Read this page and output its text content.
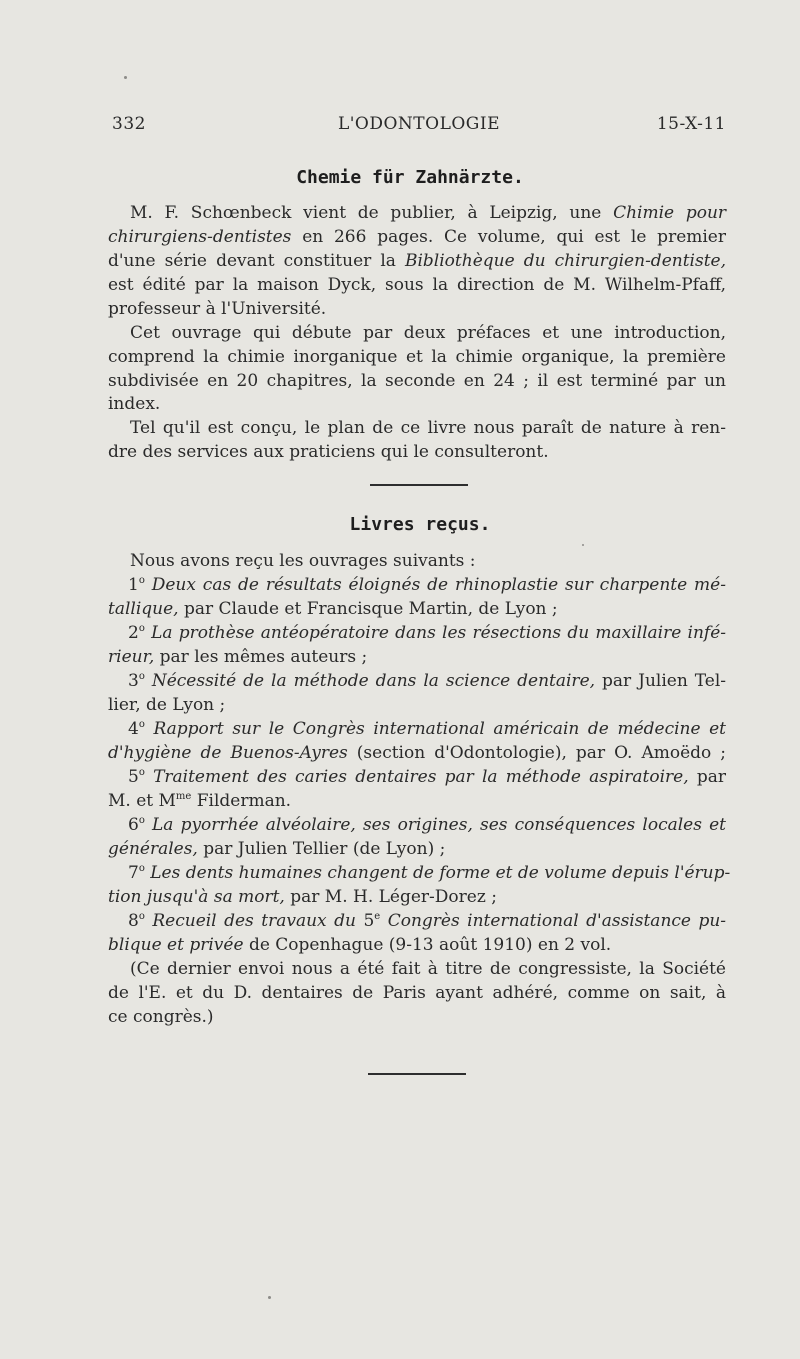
332	L'ODONTOLOGIE	15-X-11
Chemie für Zahnärzte.
M. F. Schœnbeck vient de publier, à Leipzig, une Chimie pour
chirurgiens-dentistes en 266 pages. Ce volume, qui est le premier
d'une série devant constituer la Bibliothèque du chirurgien-dentiste,
est édité par la maison Dyck, sous la direction de M. Wilhelm-Pfaff,
professeur à l'Université.
Cet ouvrage qui débute par deux préfaces et une introduction,
comprend la chimie inorganique et la chimie organique, la première
subdivisée en 20 chapitres, la seconde en 24 ; il est terminé par un
index.
Tel qu'il est conçu, le plan de ce livre nous paraît de nature à ren-
dre des services aux praticiens qui le consulteront.
Livres reçus.
Nous avons reçu les ouvrages suivants :
1$^o$ Deux cas de résultats éloignés de rhinoplastie sur charpente mé-
tallique, par Claude et Francisque Martin, de Lyon ;
2$^o$ La prothèse antéopératoire dans les résections du maxillaire infé-
rieur, par les mêmes auteurs ;
3$^o$ Nécessité de la méthode dans la science dentaire, par Julien Tel-
lier, de Lyon ;
4$^o$ Rapport sur le Congrès international américain de médecine et
d'hygiène de Buenos-Ayres (section d'Odontologie), par O. Amoëdo ;
5$^o$ Traitement des caries dentaires par la méthode aspiratoire, par
M. et $M^{me}$ Filderman.
6$^o$ La pyorrhée alvéolaire, ses origines, ses conséquences locales et
générales, par Julien Tellier (de Lyon) ;
7$^o$ Les dents humaines changent de forme et de volume depuis l'érup-
tion jusqu'à sa mort, par M. H. Léger-Dorez ;
8$^o$ Recueil des travaux du 5e Congrès international d'assistance pu-
blique et privée de Copenhague (9-13 août 1910) en 2 vol.
(Ce dernier envoi nous a été fait à titre de congressiste, la Société
de l'E. et du D. dentaires de Paris ayant adhéré, comme on sait, à
ce congrès.)
